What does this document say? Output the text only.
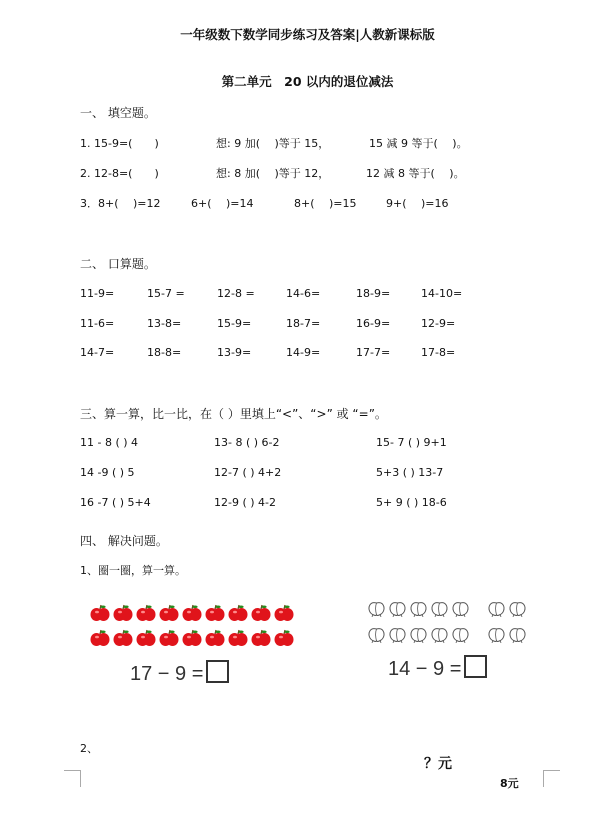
一年级数下数学同步练习及答案|人教新课标版
第二单元　20 以内的退位减法
一、 填空题。
1. 15-9=(　　)	想: 9 加(　 )等于 15，	15 减 9 等于(　 )。
2. 12-8=(　　)	想: 8 加(　 )等于 12，	12 减 8 等于(　 )。
3．8+(　 )=12	6+(　 )=14	8+(　 )=15	9+(　 )=16
二、 口算题。
11-9=	15-7 =	12-8 =	14-6=	18-9=	14-10=
11-6=	13-8=	15-9=	18-7=	16-9=	12-9=
14-7=	18-8=	13-9=	14-9=	17-7=	17-8=
三、算一算，比一比，在（ ）里填上“<”、“>” 或 “=”。
11 - 8 ( ) 4	13- 8 ( ) 6-2	15- 7 ( ) 9+1
14 -9 ( ) 5	12-7 ( ) 4+2	5+3 ( ) 13-7
16 -7 ( ) 5+4	12-9 ( ) 4-2	5+ 9 ( ) 18-6
四、 解决问题。
1、圈一圈，算一算。
17 − 9 =	14 − 9 =
2、
？元
8元
